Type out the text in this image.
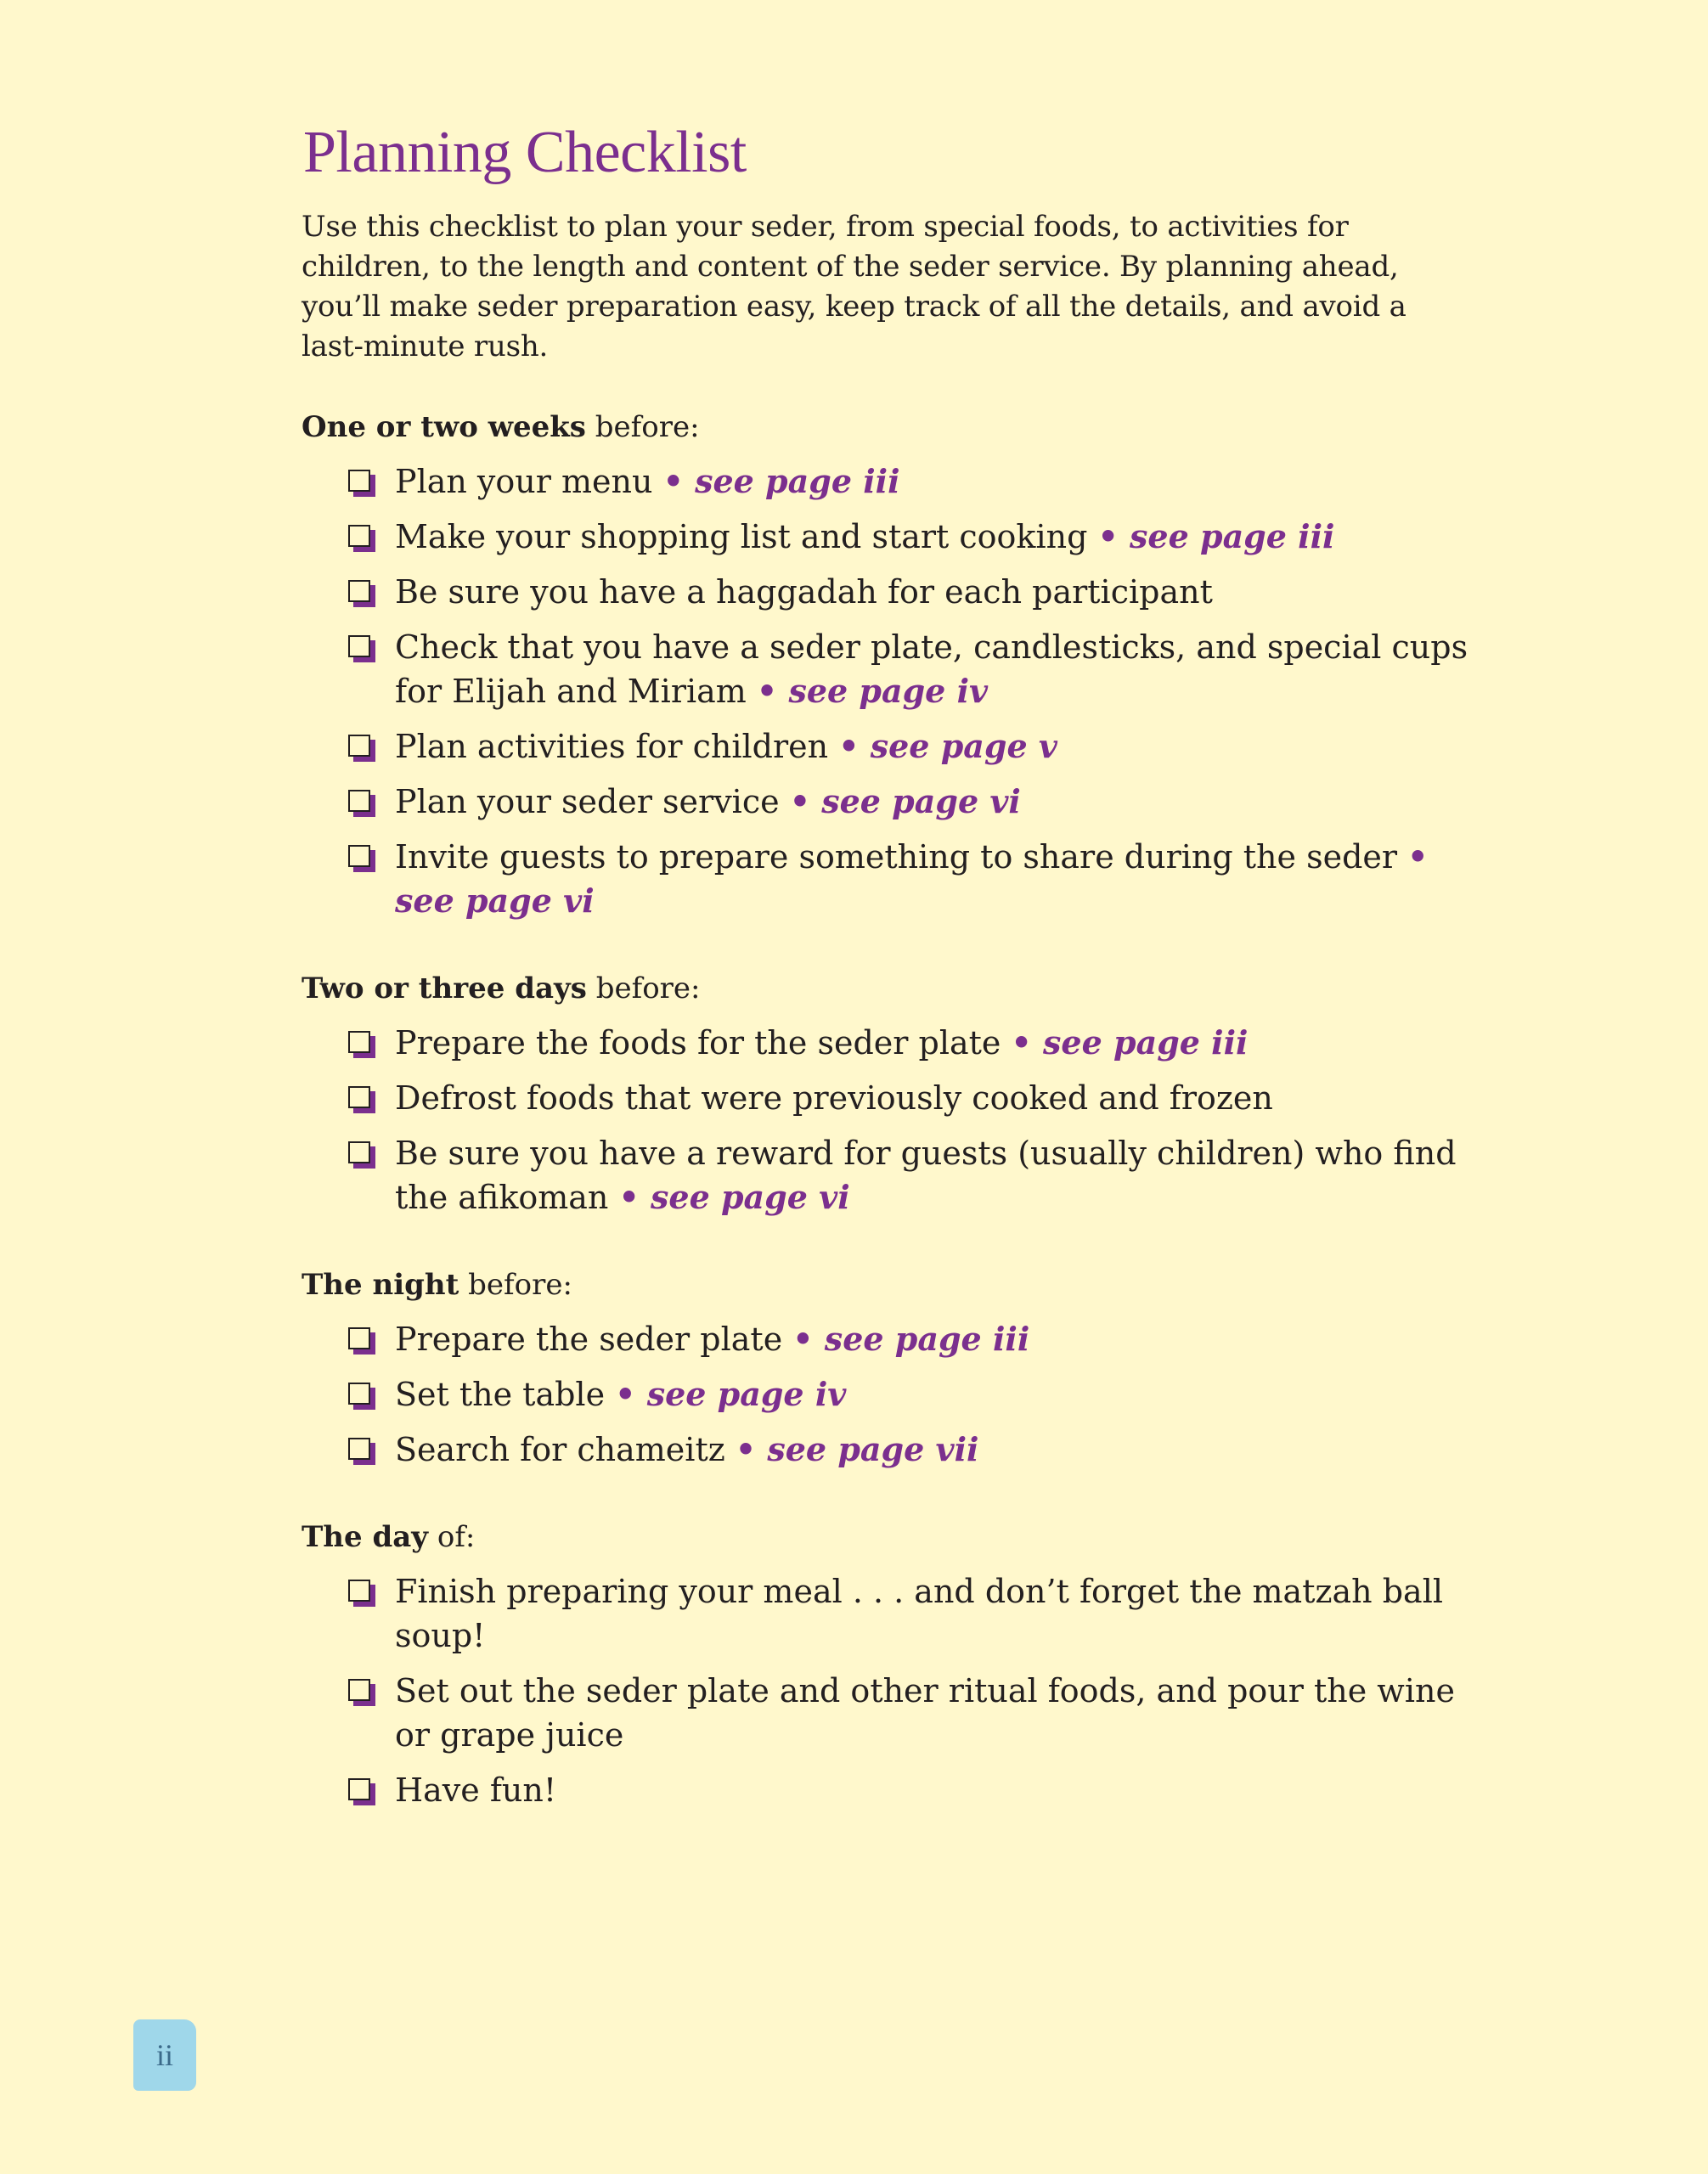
Planning Checklist

Use this checklist to plan your seder, from special foods, to activities for children, to the length and content of the seder service. By planning ahead, you’ll make seder preparation easy, keep track of all the details, and avoid a last-minute rush.

One or two weeks before:
Plan your menu • see page iii
Make your shopping list and start cooking • see page iii
Be sure you have a haggadah for each participant
Check that you have a seder plate, candlesticks, and special cups for Elijah and Miriam • see page iv
Plan activities for children • see page v
Plan your seder service • see page vi
Invite guests to prepare something to share during the seder • see page vi
Two or three days before:
Prepare the foods for the seder plate • see page iii
Defrost foods that were previously cooked and frozen
Be sure you have a reward for guests (usually children) who find the afikoman • see page vi
The night before:
Prepare the seder plate • see page iii
Set the table • see page iv
Search for chameitz • see page vii
The day of:
Finish preparing your meal . . . and don’t forget the matzah ball soup!
Set out the seder plate and other ritual foods, and pour the wine or grape juice
Have fun!
ii
